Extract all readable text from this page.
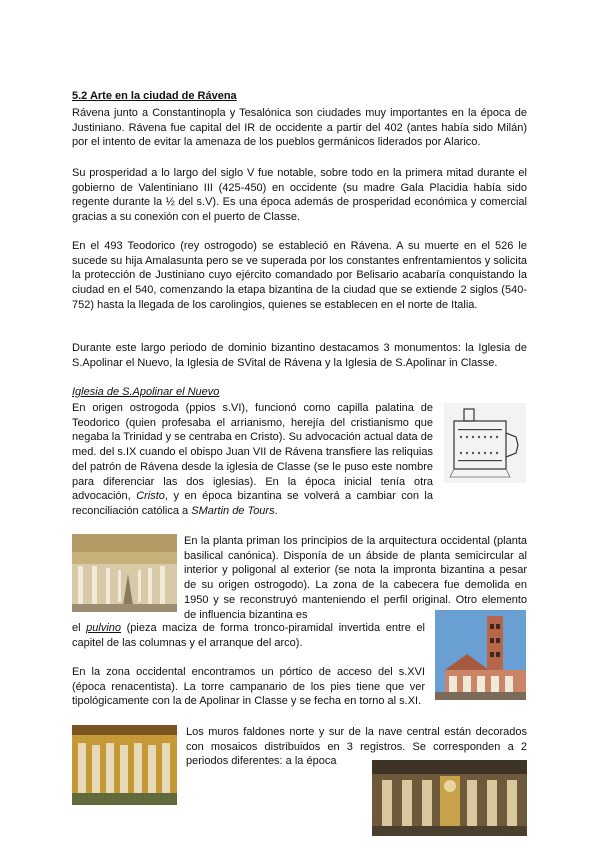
5.2 Arte en la ciudad de Rávena

Rávena junto a Constantinopla y Tesalónica son ciudades muy importantes en la época de Justiniano. Rávena fue capital del IR de occidente a partir del 402 (antes había sido Milán) por el intento de evitar la amenaza de los pueblos germánicos liderados por Alarico.

Su prosperidad a lo largo del siglo V fue notable, sobre todo en la primera mitad durante el gobierno de Valentiniano III (425-450) en occidente (su madre Gala Placidia había sido regente durante la ½ del s.V). Es una época además de prosperidad económica y comercial gracias a su conexión con el puerto de Classe.

En el 493 Teodorico (rey ostrogodo) se estableció en Rávena. A su muerte en el 526 le sucede su hija Amalasunta pero se ve superada por los constantes enfrentamientos y solicita la protección de Justiniano cuyo ejército comandado por Belisario acabaría conquistando la ciudad en el 540, comenzando la etapa bizantina de la ciudad que se extiende 2 siglos (540-752) hasta la llegada de los carolingios, quienes se establecen en el norte de Italia.

Durante este largo periodo de dominio bizantino destacamos 3 monumentos: la Iglesia de S.Apolinar el Nuevo, la Iglesia de SVital de Rávena y la Iglesia de S.Apolinar in Classe.

Iglesia de S.Apolinar el Nuevo

En origen ostrogoda (ppios s.VI), funcionó como capilla palatina de Teodorico (quien profesaba el arrianismo, herejía del cristianismo que negaba la Trinidad y se centraba en Cristo). Su advocación actual data de med. del s.IX cuando el obispo Juan VII de Rávena transfiere las reliquias del patrón de Rávena desde la iglesia de Classe (se le puso este nombre para diferenciar las dos iglesias). En la época inicial tenía otra advocación, Cristo, y en época bizantina se volverá a cambiar con la reconciliación católica a SMartin de Tours.

En la planta priman los principios de la arquitectura occidental (planta basilical canónica). Disponía de un ábside de planta semicircular al interior y poligonal al exterior (se nota la impronta bizantina a pesar de su origen ostrogodo). La zona de la cabecera fue demolida en 1950 y se reconstruyó manteniendo el perfil original. Otro elemento de influencia bizantina es

el pulvino (pieza maciza de forma tronco-piramidal invertida entre el capitel de las columnas y el arranque del arco).

En la zona occidental encontramos un pórtico de acceso del s.XVI (época renacentista). La torre campanario de los pies tiene que ver tipológicamente con la de Apolinar in Classe y se fecha en torno al s.XI.

Los muros faldones norte y sur de la nave central están decorados con mosaicos distribuidos en 3 registros. Se corresponden a 2 periodos diferentes: a la época
